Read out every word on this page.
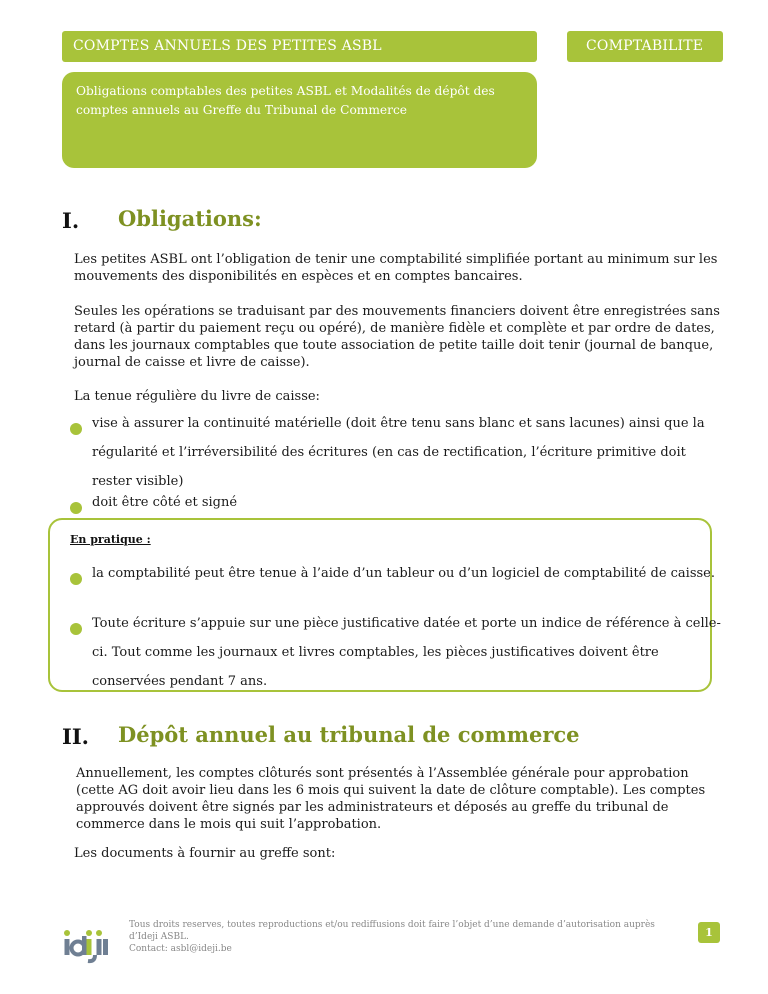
COMPTES ANNUELS DES PETITES ASBL	COMPTABILITE
Obligations comptables des petites ASBL et Modalités de dépôt des comptes annuels au Greffe du Tribunal de Commerce
I. Obligations:
Les petites ASBL ont l’obligation de tenir une comptabilité simplifiée portant au minimum sur les mouvements des disponibilités en espèces et en comptes bancaires.
Seules les opérations se traduisant par des mouvements financiers doivent être enregistrées sans retard (à partir du paiement reçu ou opéré), de manière fidèle et complète et par ordre de dates, dans les journaux comptables que toute association de petite taille doit tenir (journal de banque, journal de caisse et livre de caisse).
La tenue régulière du livre de caisse:
vise à assurer la continuité matérielle (doit être tenu sans blanc et sans lacunes) ainsi que la régularité et l’irréversibilité des écritures (en cas de rectification, l’écriture primitive doit rester visible)
doit être côté et signé
En pratique :
la comptabilité peut être tenue à l’aide d’un tableur ou d’un logiciel de comptabilité de caisse.
Toute écriture s’appuie sur une pièce justificative datée et porte un indice de référence à celle-ci. Tout comme les journaux et livres comptables, les pièces justificatives doivent être conservées pendant 7 ans.
II. Dépôt annuel au tribunal de commerce
Annuellement, les comptes clôturés sont présentés à l’Assemblée générale pour approbation (cette AG doit avoir lieu dans les 6 mois qui suivent la date de clôture comptable). Les comptes approuvés doivent être signés par les administrateurs et déposés au greffe du tribunal de commerce dans le mois qui suit l’approbation.
Les documents à fournir au greffe sont:
Tous droits reserves, toutes reproductions et/ou rediffusions doit faire l’objet d’une demande d’autorisation auprès d’Ideji ASBL.
Contact: asbl@ideji.be
1
